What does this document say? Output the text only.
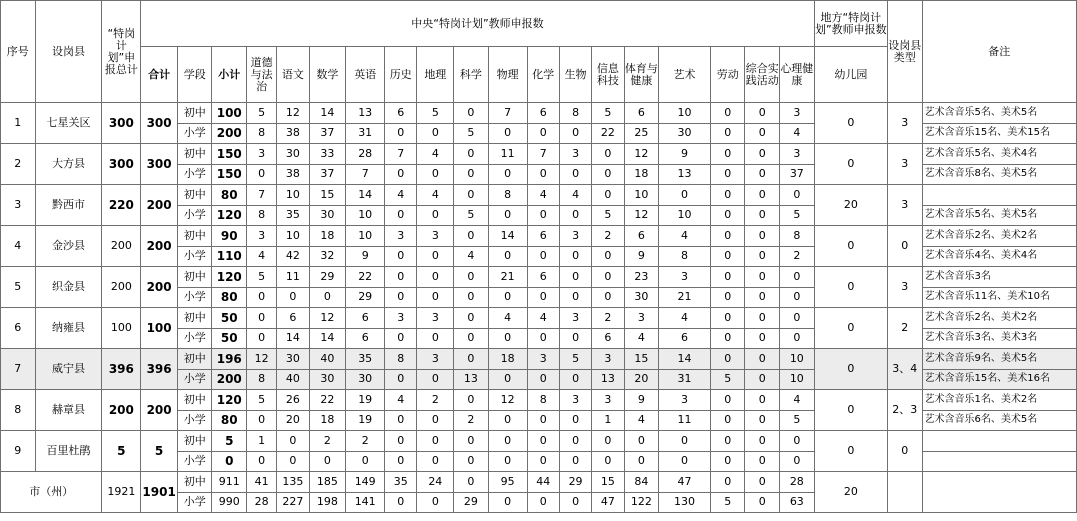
序号	设岗县	“特岗计划”申报总计	中央“特岗计划”教师申报数																			地方“特岗计划”教师申报数	设岗县类型	备注
			合计	学段	小计	道德与法治	语文	数学	英语	历史	地理	科学	物理	化学	生物	信息科技	体育与健康	艺术	劳动	综合实践活动	心理健康	幼儿园		
1	七星关区	300	300	初中	100	5	12	14	13	6	5	0	7	6	8	5	6	10	0	0	3	0	3	艺术含音乐5名、美术5名
				小学	200	8	38	37	31	0	0	5	0	0	0	22	25	30	0	0	4			艺术含音乐15名、美术15名
2	大方县	300	300	初中	150	3	30	33	28	7	4	0	11	7	3	0	12	9	0	0	3	0	3	艺术含音乐5名、美术4名
				小学	150	0	38	37	7	0	0	0	0	0	0	0	18	13	0	0	37			艺术含音乐8名、美术5名
3	黔西市	220	200	初中	80	7	10	15	14	4	4	0	8	4	4	0	10	0	0	0	0	20	3	
				小学	120	8	35	30	10	0	0	5	0	0	0	5	12	10	0	0	5			艺术含音乐5名、美术5名
4	金沙县	200	200	初中	90	3	10	18	10	3	3	0	14	6	3	2	6	4	0	0	8	0	0	艺术含音乐2名、美术2名
				小学	110	4	42	32	9	0	0	4	0	0	0	0	9	8	0	0	2			艺术含音乐4名、美术4名
5	织金县	200	200	初中	120	5	11	29	22	0	0	0	21	6	0	0	23	3	0	0	0	0	3	艺术含音乐3名
				小学	80	0	0	0	29	0	0	0	0	0	0	0	30	21	0	0	0			艺术含音乐11名、美术10名
6	纳雍县	100	100	初中	50	0	6	12	6	3	3	0	4	4	3	2	3	4	0	0	0	0	2	艺术含音乐2名、美术2名
				小学	50	0	14	14	6	0	0	0	0	0	0	6	4	6	0	0	0			艺术含音乐3名、美术3名
7	威宁县	396	396	初中	196	12	30	40	35	8	3	0	18	3	5	3	15	14	0	0	10	0	3、4	艺术含音乐9名、美术5名
				小学	200	8	40	30	30	0	0	13	0	0	0	13	20	31	5	0	10			艺术含音乐15名、美术16名
8	赫章县	200	200	初中	120	5	26	22	19	4	2	0	12	8	3	3	9	3	0	0	4	0	2、3	艺术含音乐1名、美术2名
				小学	80	0	20	18	19	0	0	2	0	0	0	1	4	11	0	0	5			艺术含音乐6名、美术5名
9	百里杜鹃	5	5	初中	5	1	0	2	2	0	0	0	0	0	0	0	0	0	0	0	0	0	0	
				小学	0	0	0	0	0	0	0	0	0	0	0	0	0	0	0	0	0			
市（州）		1921	1901	初中	911	41	135	185	149	35	24	0	95	44	29	15	84	47	0	0	28	20		
				小学	990	28	227	198	141	0	0	29	0	0	0	47	122	130	5	0	63			
